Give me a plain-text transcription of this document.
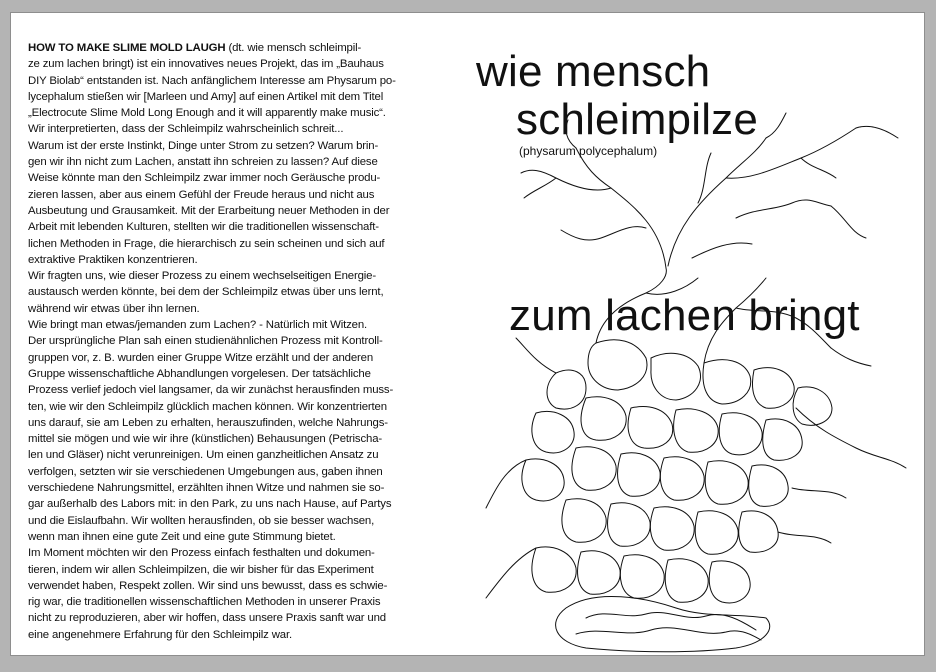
HOW TO MAKE SLIME MOLD LAUGH (dt. wie mensch schleimpil-
ze zum lachen bringt) ist ein innovatives neues Projekt, das im „Bauhaus
DIY Biolab“ entstanden ist. Nach anfänglichem Interesse am Physarum po-
lycephalum stießen wir [Marleen und Amy] auf einen Artikel mit dem Titel
„Electrocute Slime Mold Long Enough and it will apparently make music“.
Wir interpretierten, dass der Schleimpilz wahrscheinlich schreit...
Warum ist der erste Instinkt, Dinge unter Strom zu setzen? Warum brin-
gen wir ihn nicht zum Lachen, anstatt ihn schreien zu lassen? Auf diese
Weise könnte man den Schleimpilz zwar immer noch Geräusche produ-
zieren lassen, aber aus einem Gefühl der Freude heraus und nicht aus
Ausbeutung und Grausamkeit. Mit der Erarbeitung neuer Methoden in der
Arbeit mit lebenden Kulturen, stellten wir die traditionellen wissenschaft-
lichen Methoden in Frage, die hierarchisch zu sein scheinen und sich auf
extraktive Praktiken konzentrieren.
Wir fragten uns, wie dieser Prozess zu einem wechselseitigen Energie-
austausch werden könnte, bei dem der Schleimpilz etwas über uns lernt,
während wir etwas über ihn lernen.
Wie bringt man etwas/jemanden zum Lachen? - Natürlich mit Witzen.
Der ursprüngliche Plan sah einen studienähnlichen Prozess mit Kontroll-
gruppen vor, z. B. wurden einer Gruppe Witze erzählt und der anderen
Gruppe wissenschaftliche Abhandlungen vorgelesen. Der tatsächliche
Prozess verlief jedoch viel langsamer, da wir zunächst herausfinden muss-
ten, wie wir den Schleimpilz glücklich machen können. Wir konzentrierten
uns darauf, sie am Leben zu erhalten, herauszufinden, welche Nahrungs-
mittel sie mögen und wie wir ihre (künstlichen) Behausungen (Petrischa-
len und Gläser) nicht verunreinigen. Um einen ganzheitlichen Ansatz zu
verfolgen, setzten wir sie verschiedenen Umgebungen aus, gaben ihnen
verschiedene Nahrungsmittel, erzählten ihnen Witze und nahmen sie so-
gar außerhalb des Labors mit: in den Park, zu uns nach Hause, auf Partys
und die Eislaufbahn. Wir wollten herausfinden, ob sie besser wachsen,
wenn man ihnen eine gute Zeit und eine gute Stimmung bietet.
Im Moment möchten wir den Prozess einfach festhalten und dokumen-
tieren, indem wir allen Schleimpilzen, die wir bisher für das Experiment
verwendet haben, Respekt zollen. Wir sind uns bewusst, dass es schwie-
rig war, die traditionellen wissenschaftlichen Methoden in unserer Praxis
nicht zu reproduzieren, aber wir hoffen, dass unsere Praxis sanft war und
eine angenehmere Erfahrung für den Schleimpilz war.
wie mensch
schleimpilze
(physarum polycephalum)
zum lachen bringt
